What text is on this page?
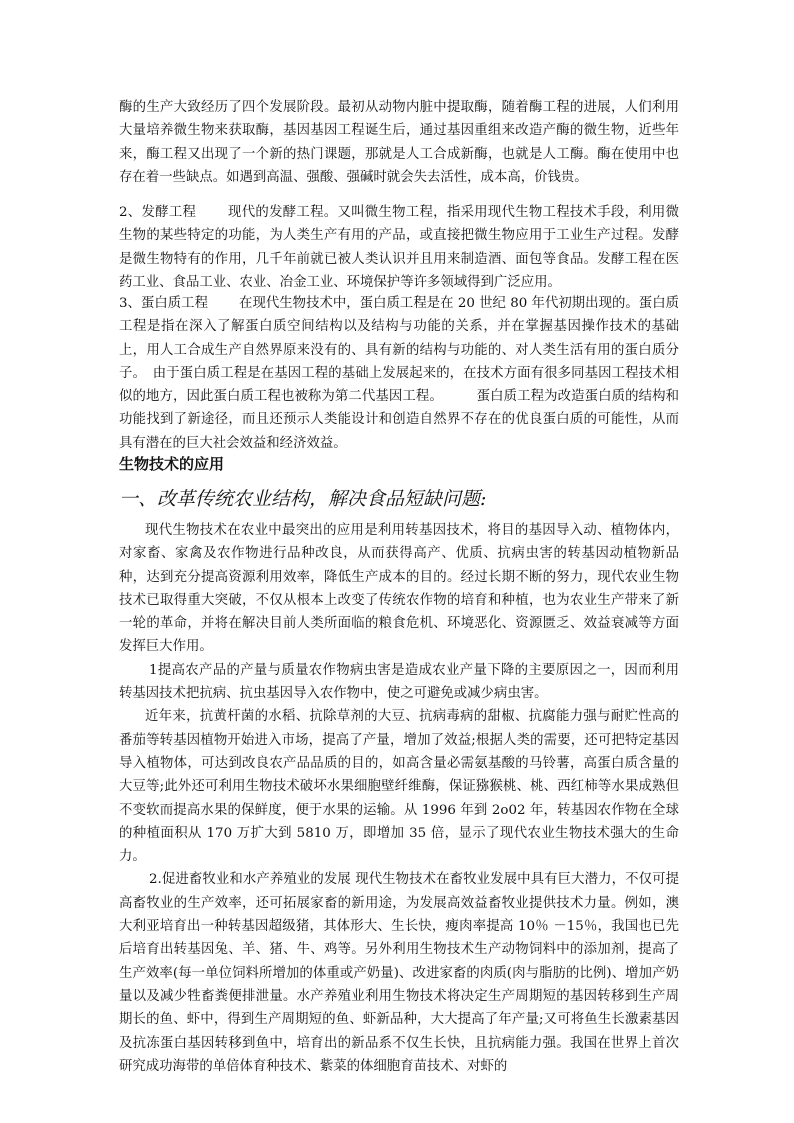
酶的生产大致经历了四个发展阶段。最初从动物内脏中提取酶，随着酶工程的进展，人们利用大量培养微生物来获取酶，基因基因工程诞生后，通过基因重组来改造产酶的微生物，近些年来，酶工程又出现了一个新的热门课题，那就是人工合成新酶，也就是人工酶。酶在使用中也存在着一些缺点。如遇到高温、强酸、强碱时就会失去活性，成本高，价钱贵。

2、发酵工程　　 现代的发酵工程。又叫微生物工程，指采用现代生物工程技术手段，利用微生物的某些特定的功能，为人类生产有用的产品，或直接把微生物应用于工业生产过程。发酵是微生物特有的作用，几千年前就已被人类认识并且用来制造酒、面包等食品。发酵工程在医药工业、食品工业、农业、冶金工业、环境保护等许多领域得到广泛应用。

3、蛋白质工程　　 在现代生物技术中，蛋白质工程是在 20 世纪 80 年代初期出现的。蛋白质工程是指在深入了解蛋白质空间结构以及结构与功能的关系，并在掌握基因操作技术的基础上，用人工合成生产自然界原来没有的、具有新的结构与功能的、对人类生活有用的蛋白质分子。　由于蛋白质工程是在基因工程的基础上发展起来的，在技术方面有很多同基因工程技术相似的地方，因此蛋白质工程也被称为第二代基因工程。　　　蛋白质工程为改造蛋白质的结构和功能找到了新途径，而且还预示人类能设计和创造自然界不存在的优良蛋白质的可能性，从而具有潜在的巨大社会效益和经济效益。

生物技术的应用
一、改革传统农业结构，解决食品短缺问题:

现代生物技术在农业中最突出的应用是利用转基因技术，将目的基因导入动、植物体内，对家畜、家禽及农作物进行品种改良，从而获得高产、优质、抗病虫害的转基因动植物新品种，达到充分提高资源利用效率，降低生产成本的目的。经过长期不断的努力，现代农业生物技术已取得重大突破，不仅从根本上改变了传统农作物的培育和种植，也为农业生产带来了新一轮的革命，并将在解决目前人类所面临的粮食危机、环境恶化、资源匮乏、效益衰减等方面发挥巨大作用。

1提高农产品的产量与质量农作物病虫害是造成农业产量下降的主要原因之一，因而利用转基因技术把抗病、抗虫基因导入农作物中，使之可避免或减少病虫害。

近年来，抗黄杆菌的水稻、抗除草剂的大豆、抗病毒病的甜椒、抗腐能力强与耐贮性高的番茄等转基因植物开始进入市场，提高了产量，增加了效益;根据人类的需要，还可把特定基因导入植物体，可达到改良农产品品质的目的，如高含量必需氨基酸的马铃薯，高蛋白质含量的大豆等;此外还可利用生物技术破坏水果细胞壁纤维酶，保证猕猴桃、桃、西红柿等水果成熟但不变软而提高水果的保鲜度，便于水果的运输。从 1996 年到 2o02 年，转基因农作物在全球的种植面积从 170 万扩大到 5810 万，即增加 35 倍，显示了现代农业生物技术强大的生命力。

2.促进畜牧业和水产养殖业的发展 现代生物技术在畜牧业发展中具有巨大潜力，不仅可提高畜牧业的生产效率，还可拓展家畜的新用途，为发展高效益畜牧业提供技术力量。例如，澳大利亚培育出一种转基因超级猪，其体形大、生长快，瘦肉率提高 10％ －15％，我国也已先后培育出转基因兔、羊、猪、牛、鸡等。另外利用生物技术生产动物饲料中的添加剂，提高了生产效率(每一单位饲料所增加的体重或产奶量)、改进家畜的肉质(肉与脂肪的比例)、增加产奶量以及减少牲畜粪便排泄量。水产养殖业利用生物技术将决定生产周期短的基因转移到生产周期长的鱼、虾中，得到生产周期短的鱼、虾新品种，大大提高了年产量;又可将鱼生长激素基因及抗冻蛋白基因转移到鱼中，培育出的新品系不仅生长快，且抗病能力强。我国在世界上首次研究成功海带的单倍体育种技术、紫菜的体细胞育苗技术、对虾的
